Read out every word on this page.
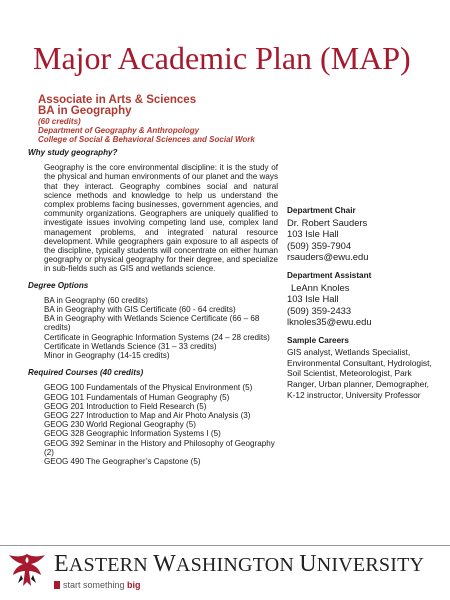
Major Academic Plan (MAP)
Associate in Arts & Sciences
BA in Geography
(60 credits)
Department of Geography & Anthropology
College of Social & Behavioral Sciences and Social Work
Why study geography?
Geography is the core environmental discipline: it is the study of the physical and human environments of our planet and the ways that they interact. Geography combines social and natural science methods and knowledge to help us understand the complex problems facing businesses, government agencies, and community organizations. Geographers are uniquely qualified to investigate issues involving competing land use, complex land management problems, and integrated natural resource development. While geographers gain exposure to all aspects of the discipline, typically students will concentrate on either human geography or physical geography for their degree, and specialize in sub-fields such as GIS and wetlands science.
Degree Options
BA in Geography (60 credits)
BA in Geography with GIS Certificate (60 - 64 credits)
BA in Geography with Wetlands Science Certificate (66 – 68 credits)
Certificate in Geographic Information Systems (24 – 28 credits)
Certificate in Wetlands Science (31 – 33 credits)
Minor in Geography (14-15 credits)
Required Courses (40 credits)
GEOG 100 Fundamentals of the Physical Environment (5)
GEOG 101 Fundamentals of Human Geography (5)
GEOG 201 Introduction to Field Research (5)
GEOG 227 Introduction to Map and Air Photo Analysis (3)
GEOG 230 World Regional Geography (5)
GEOG 328 Geographic Information Systems I (5)
GEOG 392 Seminar in the History and Philosophy of Geography (2)
GEOG 490 The Geographer’s Capstone (5)
Department Chair
Dr. Robert Sauders
103 Isle Hall
(509) 359-7904
rsauders@ewu.edu
Department Assistant
LeAnn Knoles
103 Isle Hall
(509) 359-2433
lknoles35@ewu.edu
Sample Careers
GIS analyst, Wetlands Specialist, Environmental Consultant, Hydrologist, Soil Scientist, Meteorologist, Park Ranger, Urban planner, Demographer, K-12 instructor, University Professor
EASTERN WASHINGTON UNIVERSITY
start something big
